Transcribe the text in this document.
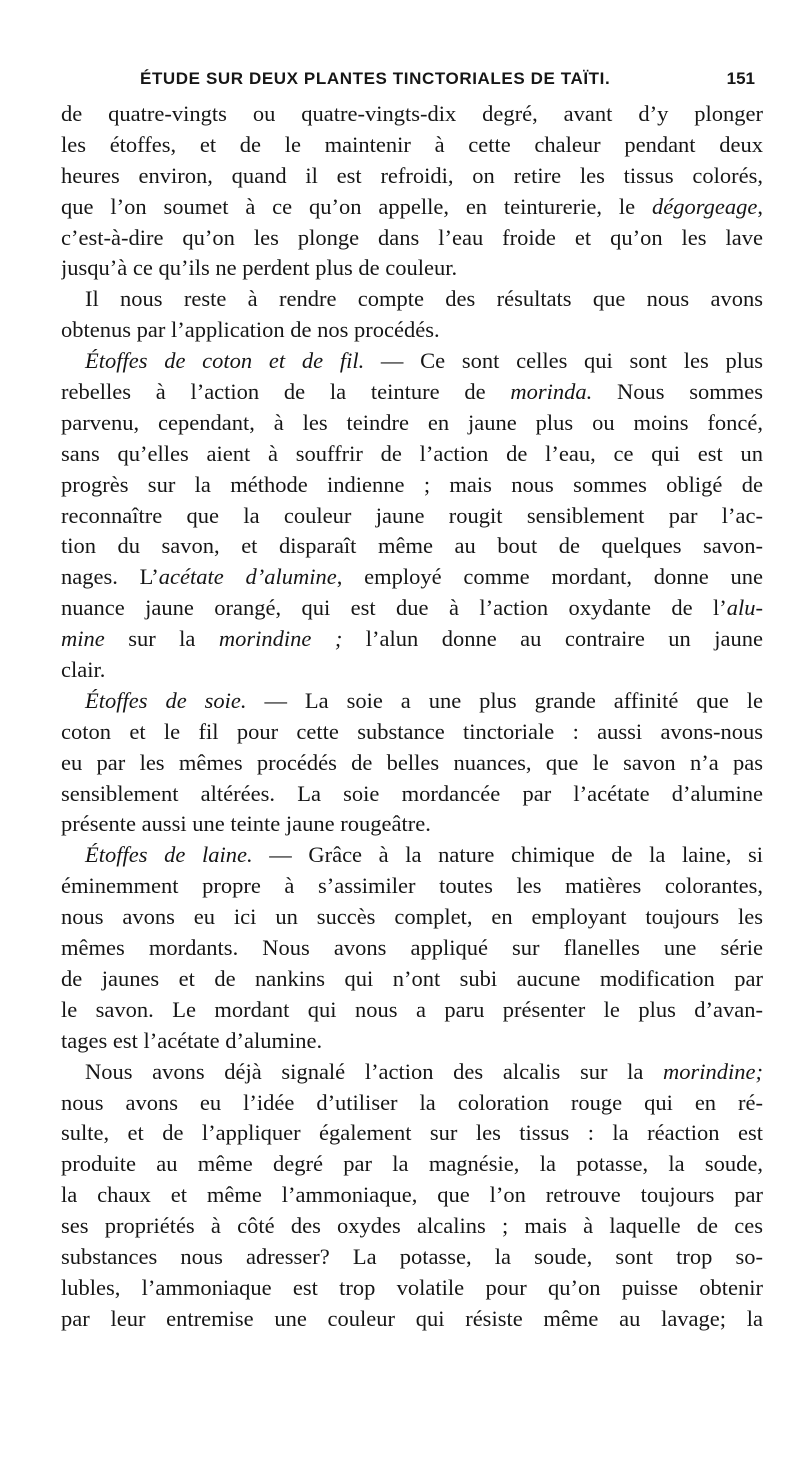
ÉTUDE SUR DEUX PLANTES TINCTORIALES DE TAÏTI.	151
de quatre-vingts ou quatre-vingts-dix degré, avant d’y plonger
les étoffes, et de le maintenir à cette chaleur pendant deux
heures environ, quand il est refroidi, on retire les tissus colorés,
que l’on soumet à ce qu’on appelle, en teinturerie, le dégorgeage,
c’est-à-dire qu’on les plonge dans l’eau froide et qu’on les lave
jusqu’à ce qu’ils ne perdent plus de couleur.
Il nous reste à rendre compte des résultats que nous avons
obtenus par l’application de nos procédés.
Étoffes de coton et de fil. — Ce sont celles qui sont les plus
rebelles à l’action de la teinture de morinda. Nous sommes
parvenu, cependant, à les teindre en jaune plus ou moins foncé,
sans qu’elles aient à souffrir de l’action de l’eau, ce qui est un
progrès sur la méthode indienne ; mais nous sommes obligé de
reconnaître que la couleur jaune rougit sensiblement par l’ac-
tion du savon, et disparaît même au bout de quelques savon-
nages. L’acétate d’alumine, employé comme mordant, donne une
nuance jaune orangé, qui est due à l’action oxydante de l’alu-
mine sur la morindine ; l’alun donne au contraire un jaune
clair.
Étoffes de soie. — La soie a une plus grande affinité que le
coton et le fil pour cette substance tinctoriale : aussi avons-nous
eu par les mêmes procédés de belles nuances, que le savon n’a pas
sensiblement altérées. La soie mordancée par l’acétate d’alumine
présente aussi une teinte jaune rougeâtre.
Étoffes de laine. — Grâce à la nature chimique de la laine, si
éminemment propre à s’assimiler toutes les matières colorantes,
nous avons eu ici un succès complet, en employant toujours les
mêmes mordants. Nous avons appliqué sur flanelles une série
de jaunes et de nankins qui n’ont subi aucune modification par
le savon. Le mordant qui nous a paru présenter le plus d’avan-
tages est l’acétate d’alumine.
Nous avons déjà signalé l’action des alcalis sur la morindine;
nous avons eu l’idée d’utiliser la coloration rouge qui en ré-
sulte, et de l’appliquer également sur les tissus : la réaction est
produite au même degré par la magnésie, la potasse, la soude,
la chaux et même l’ammoniaque, que l’on retrouve toujours par
ses propriétés à côté des oxydes alcalins ; mais à laquelle de ces
substances nous adresser? La potasse, la soude, sont trop so-
lubles, l’ammoniaque est trop volatile pour qu’on puisse obtenir
par leur entremise une couleur qui résiste même au lavage; la
